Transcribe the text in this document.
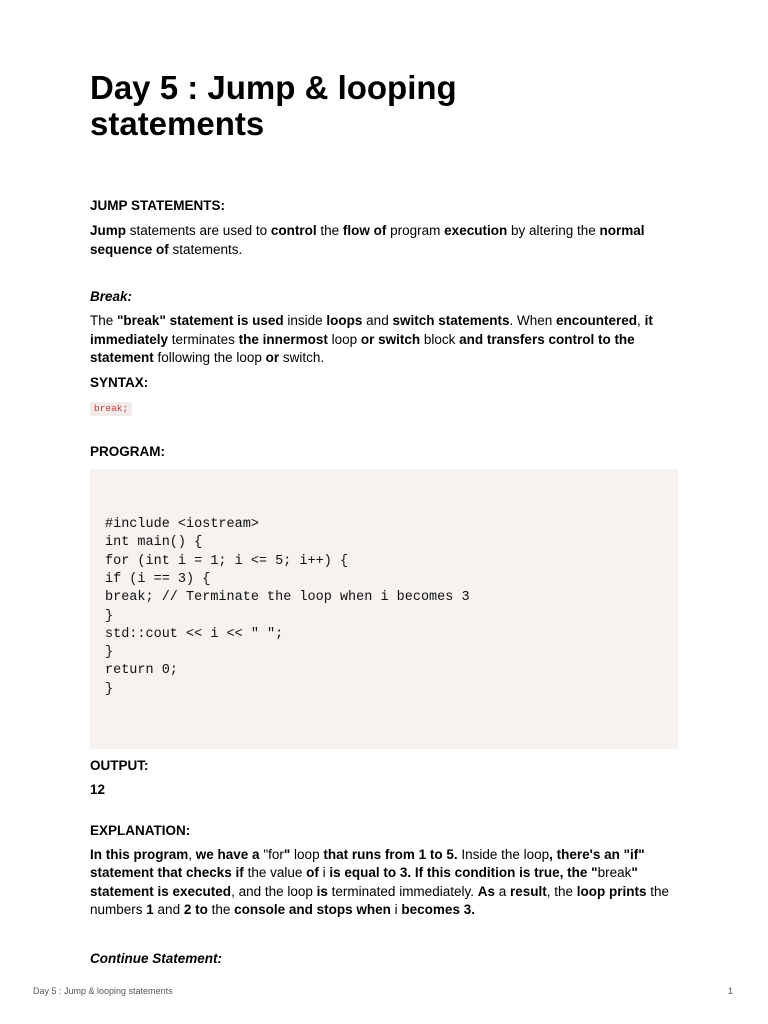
Day 5 : Jump & looping
statements
JUMP STATEMENTS:

Jump statements are used to control the flow of program execution by altering the normal sequence of statements.

Break:

The "break" statement is used inside loops and switch statements. When encountered, it immediately terminates the innermost loop or switch block and transfers control to the statement following the loop or switch.

SYNTAX:
break;
PROGRAM:

#include <iostream>
int main() {
for (int i = 1; i <= 5; i++) {
if (i == 3) {
break; // Terminate the loop when i becomes 3
}
std::cout << i << " ";
}
return 0;
}

OUTPUT:
12
EXPLANATION:

In this program, we have a "for" loop that runs from 1 to 5. Inside the loop, there's an "if" statement that checks if the value of i is equal to 3. If this condition is true, the "break" statement is executed, and the loop is terminated immediately. As a result, the loop prints the numbers 1 and 2 to the console and stops when i becomes 3.

Continue Statement:
Day 5 : Jump & looping statements	1
